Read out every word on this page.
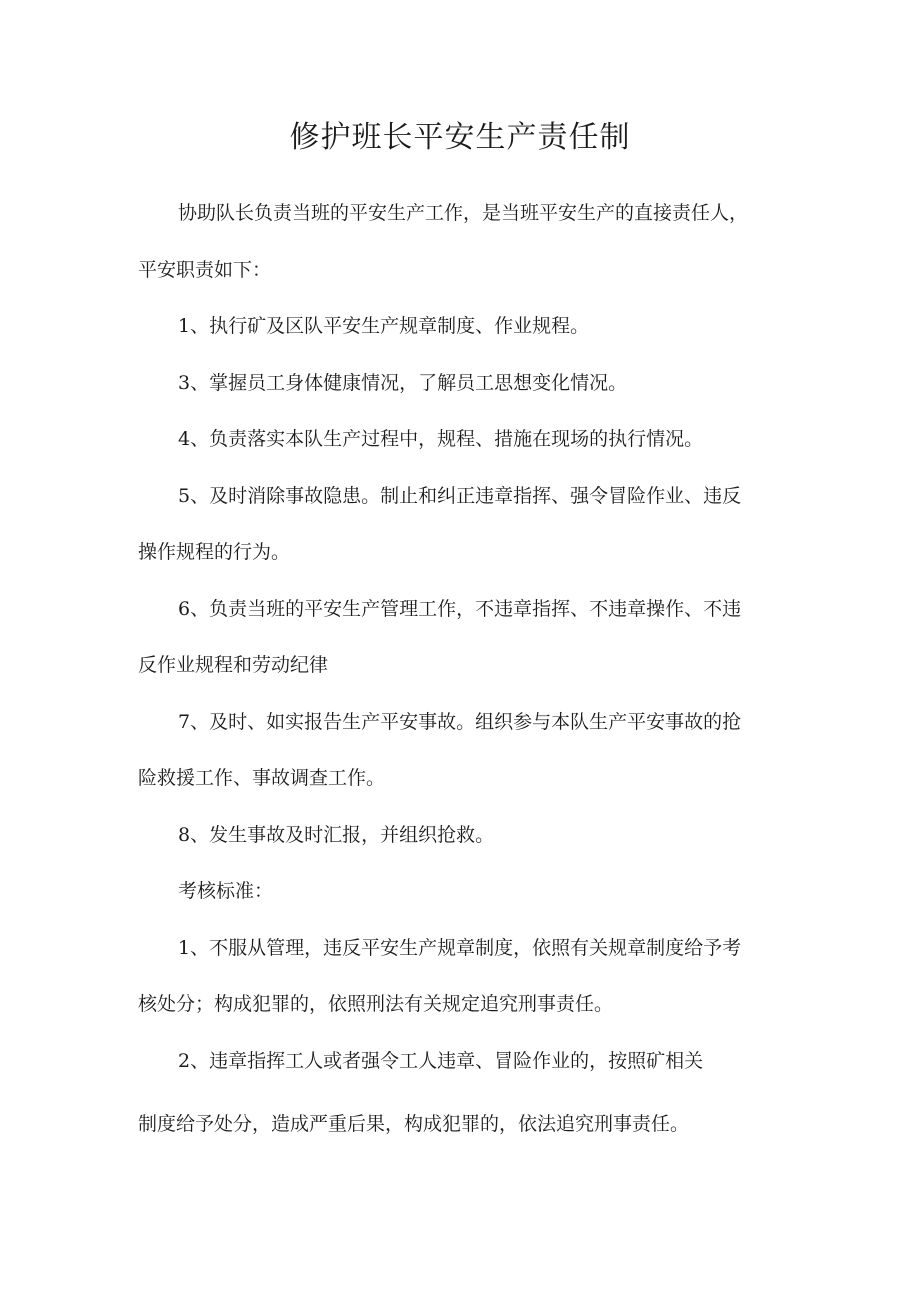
修护班长平安生产责任制

协助队长负责当班的平安生产工作，是当班平安生产的直接责任人，

平安职责如下：

1、执行矿及区队平安生产规章制度、作业规程。

3、掌握员工身体健康情况，了解员工思想变化情况。

4、负责落实本队生产过程中，规程、措施在现场的执行情况。

5、及时消除事故隐患。制止和纠正违章指挥、强令冒险作业、违反

操作规程的行为。

6、负责当班的平安生产管理工作，不违章指挥、不违章操作、不违

反作业规程和劳动纪律

7、及时、如实报告生产平安事故。组织参与本队生产平安事故的抢

险救援工作、事故调查工作。

8、发生事故及时汇报，并组织抢救。

考核标准：

1、不服从管理，违反平安生产规章制度，依照有关规章制度给予考

核处分；构成犯罪的，依照刑法有关规定追究刑事责任。

2、违章指挥工人或者强令工人违章、冒险作业的，按照矿相关

制度给予处分，造成严重后果，构成犯罪的，依法追究刑事责任。
